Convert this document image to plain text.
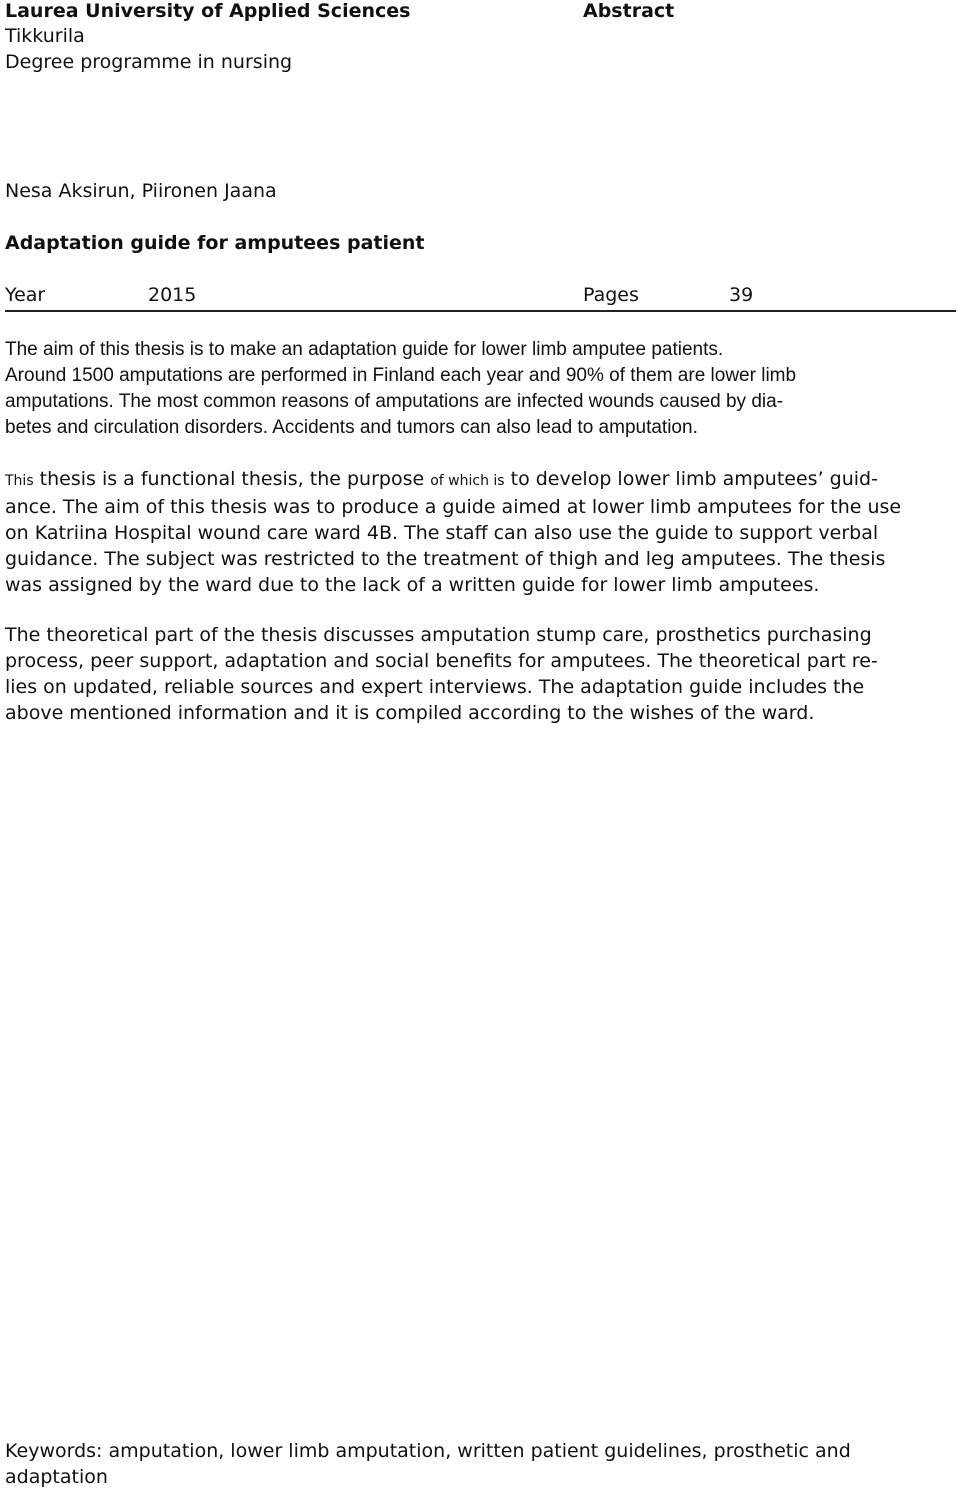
Laurea University of Applied Sciences
Tikkurila
Degree programme in nursing
Abstract
Nesa Aksirun, Piironen Jaana
Adaptation guide for amputees patient
Year	2015	Pages	39
The aim of this thesis is to make an adaptation guide for lower limb amputee patients.
Around 1500 amputations are performed in Finland each year and 90% of them are lower limb
amputations. The most common reasons of amputations are infected wounds caused by dia-
betes and circulation disorders. Accidents and tumors can also lead to amputation.
This thesis is a functional thesis, the purpose of which is to develop lower limb amputees’ guid-
ance. The aim of this thesis was to produce a guide aimed at lower limb amputees for the use
on Katriina Hospital wound care ward 4B. The staff can also use the guide to support verbal
guidance. The subject was restricted to the treatment of thigh and leg amputees. The thesis
was assigned by the ward due to the lack of a written guide for lower limb amputees.
The theoretical part of the thesis discusses amputation stump care, prosthetics purchasing
process, peer support, adaptation and social benefits for amputees. The theoretical part re-
lies on updated, reliable sources and expert interviews. The adaptation guide includes the
above mentioned information and it is compiled according to the wishes of the ward.
Keywords: amputation, lower limb amputation, written patient guidelines, prosthetic and
adaptation
